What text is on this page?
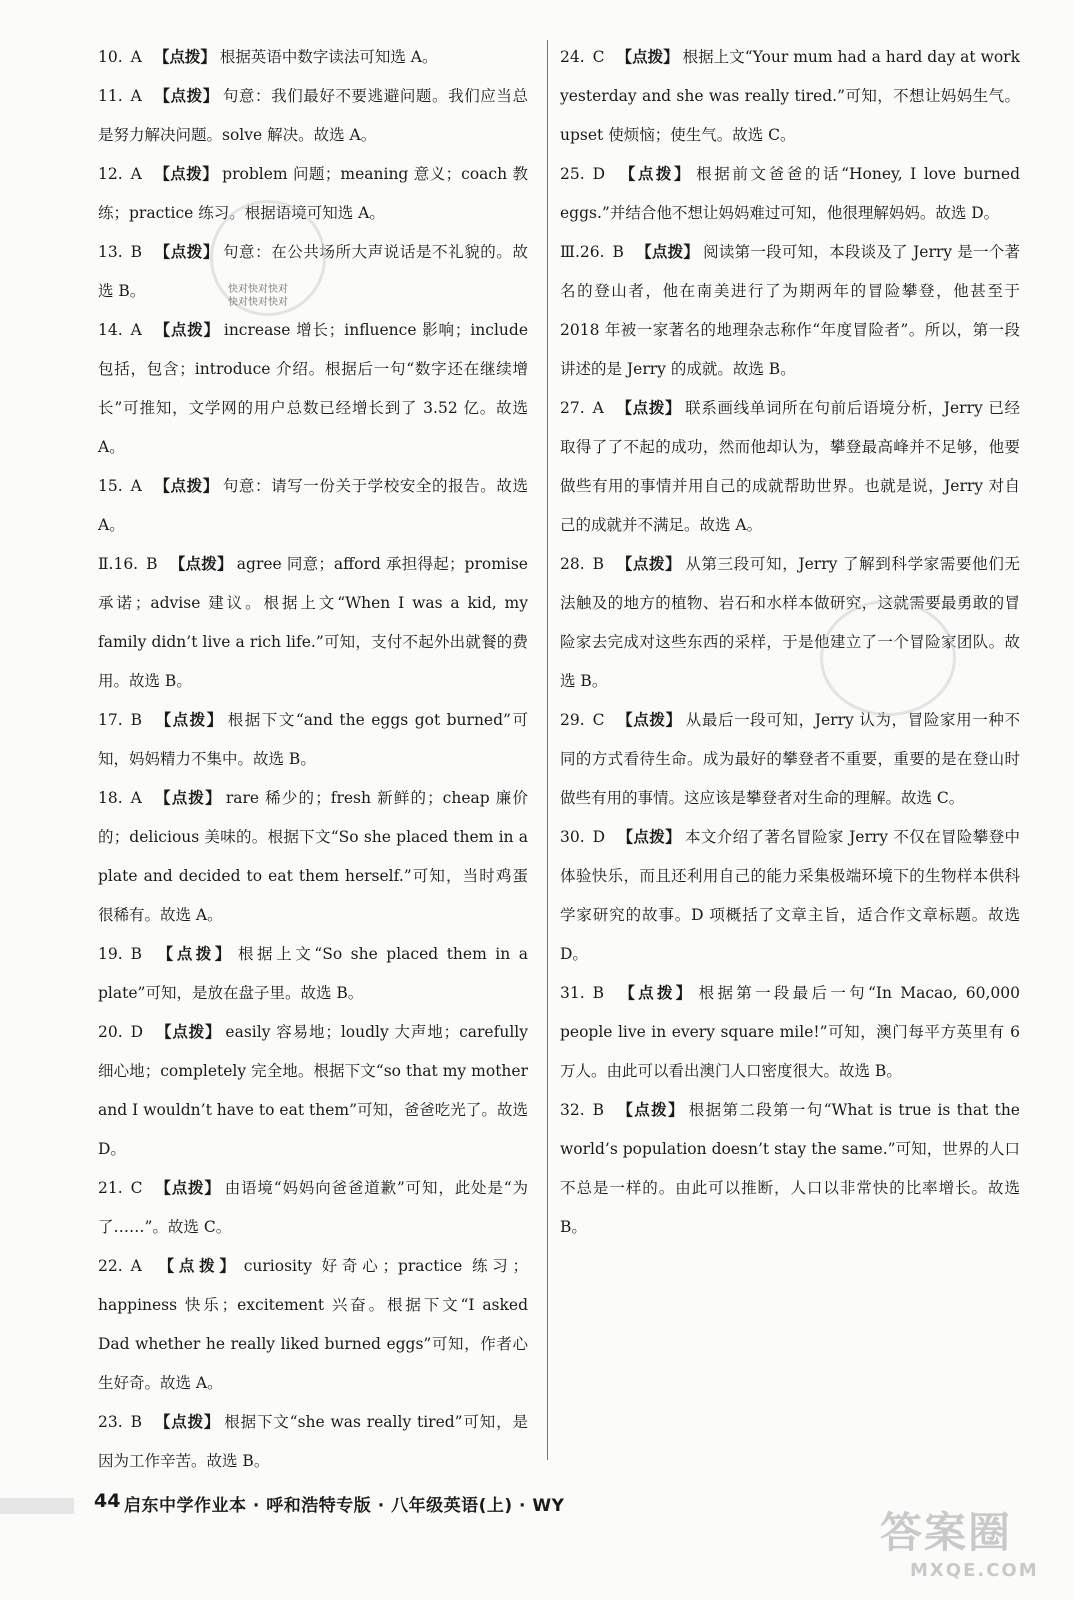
10. A 【点拨】 根据英语中数字读法可知选 A。

11. A 【点拨】 句意：我们最好不要逃避问题。我们应当总是努力解决问题。solve 解决。故选 A。

12. A 【点拨】 problem 问题；meaning 意义；coach 教练；practice 练习。根据语境可知选 A。

13. B 【点拨】 句意：在公共场所大声说话是不礼貌的。故选 B。

14. A 【点拨】 increase 增长；influence 影响；include 包括，包含；introduce 介绍。根据后一句“数字还在继续增长”可推知，文学网的用户总数已经增长到了 3.52 亿。故选 A。

15. A 【点拨】 句意：请写一份关于学校安全的报告。故选 A。

Ⅱ.16. B 【点拨】 agree 同意；afford 承担得起；promise 承诺；advise 建议。根据上文“When I was a kid, my family didn’t live a rich life.”可知，支付不起外出就餐的费用。故选 B。

17. B 【点拨】 根据下文“and the eggs got burned”可知，妈妈精力不集中。故选 B。

18. A 【点拨】 rare 稀少的；fresh 新鲜的；cheap 廉价的；delicious 美味的。根据下文“So she placed them in a plate and decided to eat them herself.”可知，当时鸡蛋很稀有。故选 A。

19. B 【点拨】 根据上文“So she placed them in a plate”可知，是放在盘子里。故选 B。

20. D 【点拨】 easily 容易地；loudly 大声地；carefully 细心地；completely 完全地。根据下文“so that my mother and I wouldn’t have to eat them”可知，爸爸吃光了。故选 D。

21. C 【点拨】 由语境“妈妈向爸爸道歉”可知，此处是“为了……”。故选 C。

22. A 【点拨】 curiosity 好奇心；practice 练习；happiness 快乐；excitement 兴奋。根据下文“I asked Dad whether he really liked burned eggs”可知，作者心生好奇。故选 A。

23. B 【点拨】 根据下文“she was really tired”可知，是因为工作辛苦。故选 B。

24. C 【点拨】 根据上文“Your mum had a hard day at work yesterday and she was really tired.”可知，不想让妈妈生气。upset 使烦恼；使生气。故选 C。

25. D 【点拨】 根据前文爸爸的话“Honey, I love burned eggs.”并结合他不想让妈妈难过可知，他很理解妈妈。故选 D。

Ⅲ.26. B 【点拨】 阅读第一段可知，本段谈及了 Jerry 是一个著名的登山者，他在南美进行了为期两年的冒险攀登，他甚至于 2018 年被一家著名的地理杂志称作“年度冒险者”。所以，第一段讲述的是 Jerry 的成就。故选 B。

27. A 【点拨】 联系画线单词所在句前后语境分析，Jerry 已经取得了了不起的成功，然而他却认为，攀登最高峰并不足够，他要做些有用的事情并用自己的成就帮助世界。也就是说，Jerry 对自己的成就并不满足。故选 A。

28. B 【点拨】 从第三段可知，Jerry 了解到科学家需要他们无法触及的地方的植物、岩石和水样本做研究，这就需要最勇敢的冒险家去完成对这些东西的采样，于是他建立了一个冒险家团队。故选 B。

29. C 【点拨】 从最后一段可知，Jerry 认为，冒险家用一种不同的方式看待生命。成为最好的攀登者不重要，重要的是在登山时做些有用的事情。这应该是攀登者对生命的理解。故选 C。

30. D 【点拨】 本文介绍了著名冒险家 Jerry 不仅在冒险攀登中体验快乐，而且还利用自己的能力采集极端环境下的生物样本供科学家研究的故事。D 项概括了文章主旨，适合作文章标题。故选 D。

31. B 【点拨】 根据第一段最后一句“In Macao, 60,000 people live in every square mile!”可知，澳门每平方英里有 6 万人。由此可以看出澳门人口密度很大。故选 B。

32. B 【点拨】 根据第二段第一句“What is true is that the world’s population doesn’t stay the same.”可知，世界的人口不总是一样的。由此可以推断，人口以非常快的比率增长。故选 B。

快对快对快对
快对快对快对
44 启东中学作业本 · 呼和浩特专版 · 八年级英语(上) · WY
答案圈
MXQE.COM
